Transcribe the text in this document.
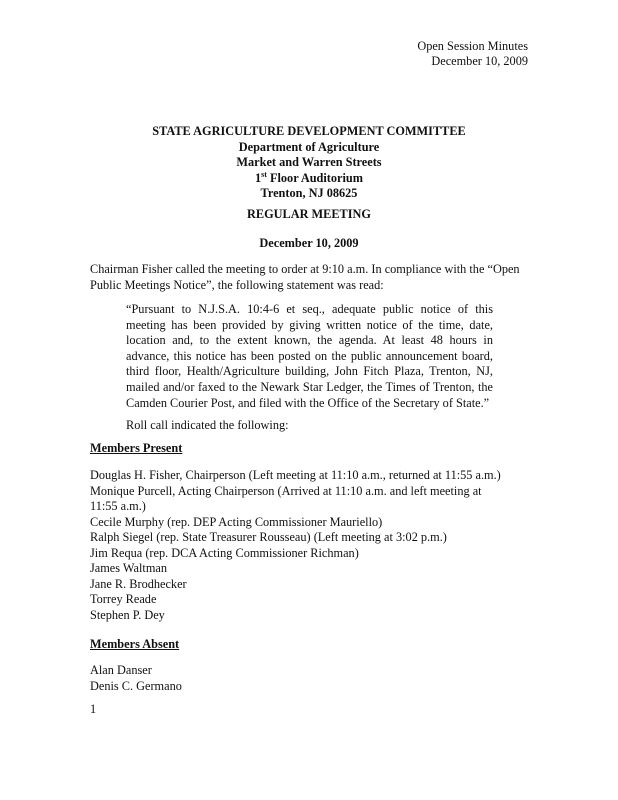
Open Session Minutes
December 10, 2009
STATE AGRICULTURE DEVELOPMENT COMMITTEE
Department of Agriculture
Market and Warren Streets
1st Floor Auditorium
Trenton, NJ 08625
REGULAR MEETING
December 10, 2009
Chairman Fisher called the meeting to order at 9:10 a.m. In compliance with the “Open Public Meetings Notice”, the following statement was read:
“Pursuant to N.J.S.A. 10:4-6 et seq., adequate public notice of this meeting has been provided by giving written notice of the time, date, location and, to the extent known, the agenda. At least 48 hours in advance, this notice has been posted on the public announcement board, third floor, Health/Agriculture building, John Fitch Plaza, Trenton, NJ, mailed and/or faxed to the Newark Star Ledger, the Times of Trenton, the Camden Courier Post, and filed with the Office of the Secretary of State.”
Roll call indicated the following:
Members Present
Douglas H. Fisher, Chairperson (Left meeting at 11:10 a.m., returned at 11:55 a.m.)
Monique Purcell, Acting Chairperson (Arrived at 11:10 a.m. and left meeting at 11:55 a.m.)
Cecile Murphy (rep. DEP Acting Commissioner Mauriello)
Ralph Siegel (rep. State Treasurer Rousseau) (Left meeting at 3:02 p.m.)
Jim Requa (rep. DCA Acting Commissioner Richman)
James Waltman
Jane R. Brodhecker
Torrey Reade
Stephen P. Dey
Members Absent
Alan Danser
Denis C. Germano
1
